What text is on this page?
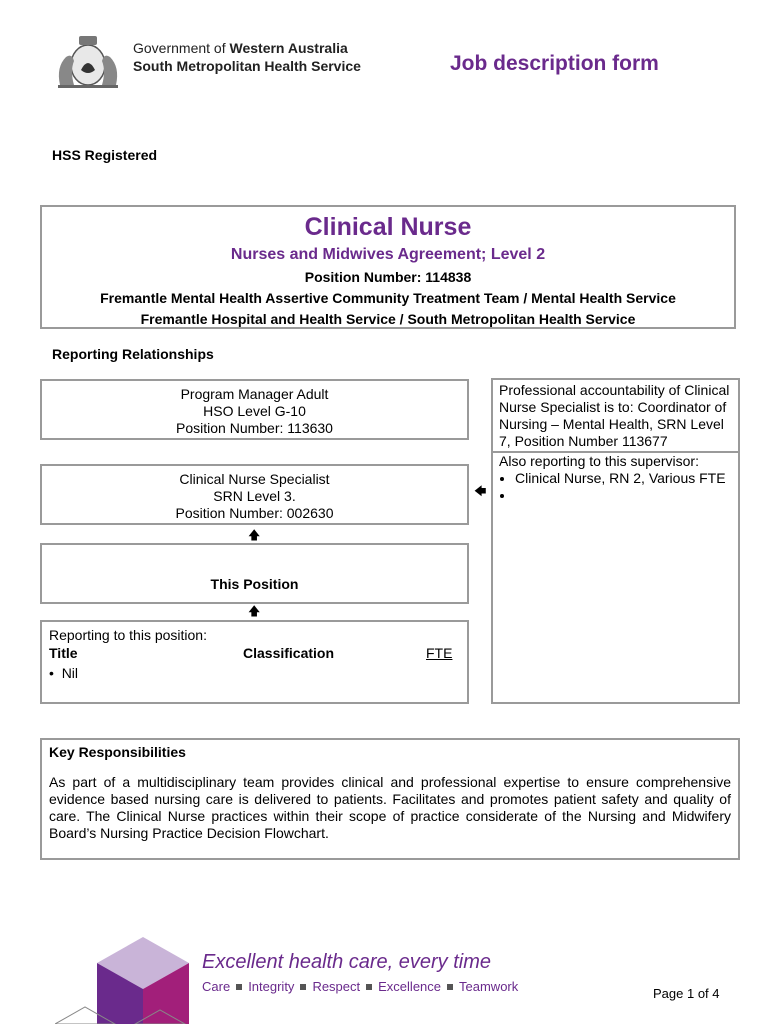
Government of Western Australia
South Metropolitan Health Service	Job description form
HSS Registered
Clinical Nurse
Nurses and Midwives Agreement; Level 2
Position Number: 114838
Fremantle Mental Health Assertive Community Treatment Team / Mental Health Service
Fremantle Hospital and Health Service / South Metropolitan Health Service
Reporting Relationships
Program Manager Adult
HSO Level G-10
Position Number: 113630
Clinical Nurse Specialist
SRN Level 3.
Position Number: 002630
🡅
🡅
🡄
This Position
Professional accountability of Clinical Nurse Specialist is to: Coordinator of Nursing – Mental Health, SRN Level 7, Position Number 113677
Also reporting to this supervisor:
• Clinical Nurse, RN 2, Various FTE
•
Reporting to this position:
Title	Classification	FTE
•  Nil
Key Responsibilities
As part of a multidisciplinary team provides clinical and professional expertise to ensure comprehensive evidence based nursing care is delivered to patients. Facilitates and promotes patient safety and quality of care. The Clinical Nurse practices within their scope of practice considerate of the Nursing and Midwifery Board’s Nursing Practice Decision Flowchart.
Excellent health care, every time
Care Integrity Respect Excellence Teamwork	Page 1 of 4
